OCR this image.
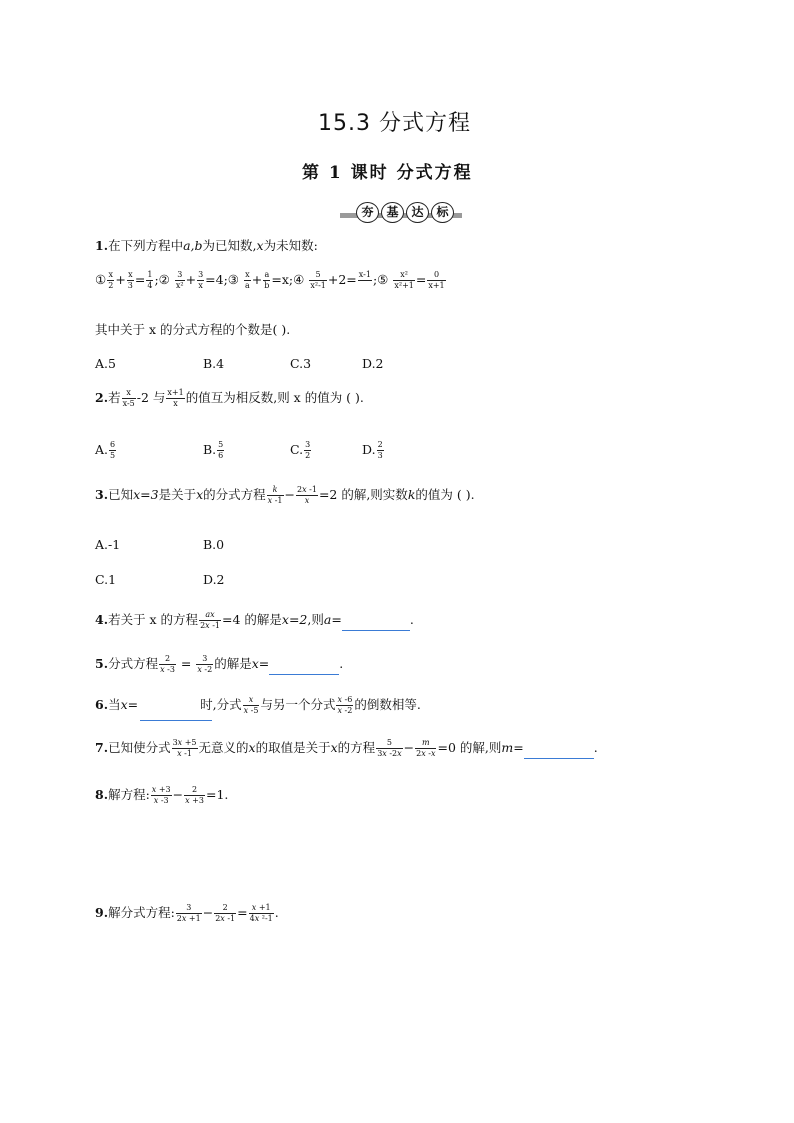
15.3 分式方程
第 1 课时 分式方程
夯	基	达	标
1.在下列方程中a,b为已知数,x为未知数:
① $\frac{x}{2} + \frac{x}{3} = \frac{1}{4}$ ;② $\frac{3}{\text{x²}} + \frac{3}{x}$ =4;③ $\frac{x}{a} + \frac{a}{b}$ =x;④ $\frac{5}{\text{x²-1}} +2= x-1$
;⑤ $\frac{\text{x²}}{\text{x²+1}} = \frac{0}{x+1}$
其中关于 x 的分式方程的个数是( ).
A.5	B.4	C.3	D.2
2.若 $\frac{x}{x-5} -2$ 与 $\frac{x+1}{x}$ 的值互为相反数,则 x 的值为 ( ).
A. $\frac{6}{5}$	B. $\frac{5}{6}$	C. $\frac{3}{2}$	D. $\frac{2}{3}$
3.已知x=3是关于x的分式方程 $\frac{\text{𝑘}}{\text{𝑥 -1}} - \frac{\text{2𝑥 -1}}{\text{𝑥}} =2$ 的解,则实数k的值为 ( ).
A.-1	B.0
C.1	D.2
4.若关于 x 的方程 $\frac{\text{𝑎𝑥}}{\text{2𝑥 -1}} =4$ 的解是x=2,则a=	.
5.分式方程 $\frac{2}{\text{𝑥 -3}} = \frac{3}{\text{𝑥 -2}}$ 的解是x=	.
6.当x=	时,分式 $\frac{\text{𝑥}}{\text{𝑥 -5}}$ 与另一个分式 $\frac{\text{𝑥 -6}}{\text{𝑥 -2}}$ 的倒数相等.
7.已知使分式 $\frac{\text{3𝑥 +5}}{\text{𝑥 -1}}$ 无意义的x的取值是关于x的方程 $\frac{5}{\text{3𝑥 -2𝑥}} - \frac{\text{𝑚}}{\text{2𝑥 -𝑥}} =0$ 的解,则m=	.
8.解方程: $\frac{\text{𝑥 +3}}{\text{𝑥 -3}} - \frac{2}{\text{𝑥 +3}} =1$.
9.解分式方程: $\frac{3}{\text{2𝑥 +1}} - \frac{2}{\text{2𝑥 -1}} = \frac{\text{𝑥 +1}}{\text{4𝑥 ²-1}}$ .
